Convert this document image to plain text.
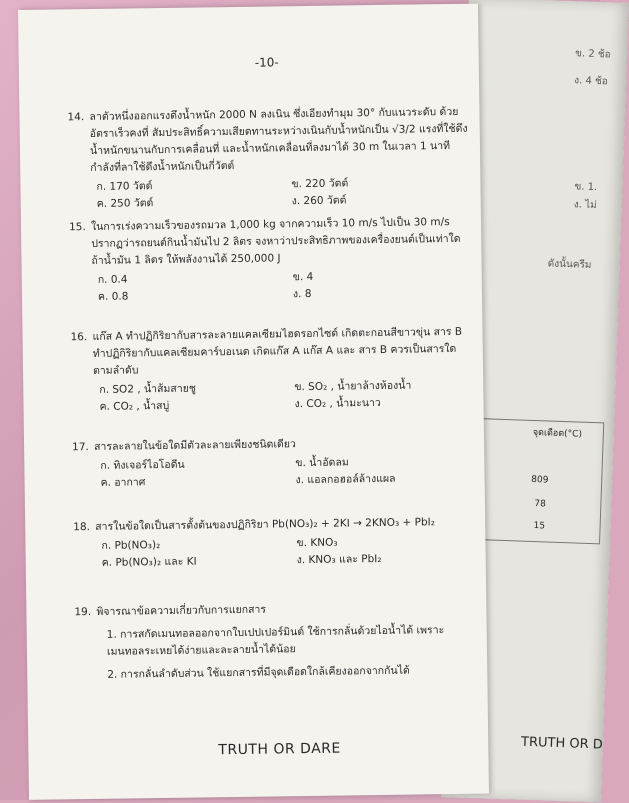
ข. 2 ช้อ
ง. 4 ช้อ
ข. 1.
ง. ไม่
ดังนั้นครีม
จุดเดือด(°C)
809
78
15
TRUTH OR D
-10-
14. ลาตัวหนึ่งออกแรงดึงน้ำหนัก 2000 N ลงเนิน ซึ่งเอียงทำมุม 30° กับแนวระดับ ด้วยอัตราเร็วคงที่ สัมประสิทธิ์ความเสียดทานระหว่างเนินกับน้ำหนักเป็น √3/2 แรงที่ใช้ดึงน้ำหนักขนานกับการเคลื่อนที่ และน้ำหนักเคลื่อนที่ลงมาได้ 30 m ในเวลา 1 นาที กำลังที่ลาใช้ดึงน้ำหนักเป็นกี่วัตต์
ก. 170 วัตต์	ข. 220 วัตต์
ค. 250 วัตต์	ง. 260 วัตต์
15. ในการเร่งความเร็วของรถมวล 1,000 kg จากความเร็ว 10 m/s ไปเป็น 30 m/s ปรากฏว่ารถยนต์กินน้ำมันไป 2 ลิตร จงหาว่าประสิทธิภาพของเครื่องยนต์เป็นเท่าใด ถ้าน้ำมัน 1 ลิตร ให้พลังงานได้ 250,000 J
ก. 0.4	ข. 4
ค. 0.8	ง. 8
16. แก๊ส A ทำปฏิกิริยากับสารละลายแคลเซียมไฮดรอกไซด์ เกิดตะกอนสีขาวขุ่น สาร B ทำปฏิกิริยากับแคลเซียมคาร์บอเนต เกิดแก๊ส A แก๊ส A และ สาร B ควรเป็นสารใด ตามลำดับ
ก. SO2 , น้ำส้มสายชู	ข. SO₂ , น้ำยาล้างห้องน้ำ
ค. CO₂ , น้ำสบู่	ง. CO₂ , น้ำมะนาว
17. สารละลายในข้อใดมีตัวละลายเพียงชนิดเดียว
ก. ทิงเจอร์ไอโอดีน	ข. น้ำอัดลม
ค. อากาศ	ง. แอลกอฮอล์ล้างแผล
18. สารในข้อใดเป็นสารตั้งต้นของปฏิกิริยา Pb(NO₃)₂ + 2KI → 2KNO₃ + PbI₂
ก. Pb(NO₃)₂	ข. KNO₃
ค. Pb(NO₃)₂ และ KI	ง. KNO₃ และ PbI₂
19. พิจารณาข้อความเกี่ยวกับการแยกสาร
1. การสกัดเมนทอลออกจากใบเปปเปอร์มินต์ ใช้การกลั่นด้วยไอน้ำได้ เพราะเมนทอลระเหยได้ง่ายและละลายน้ำได้น้อย
2. การกลั่นลำดับส่วน ใช้แยกสารที่มีจุดเดือดใกล้เคียงออกจากกันได้
TRUTH OR DARE
